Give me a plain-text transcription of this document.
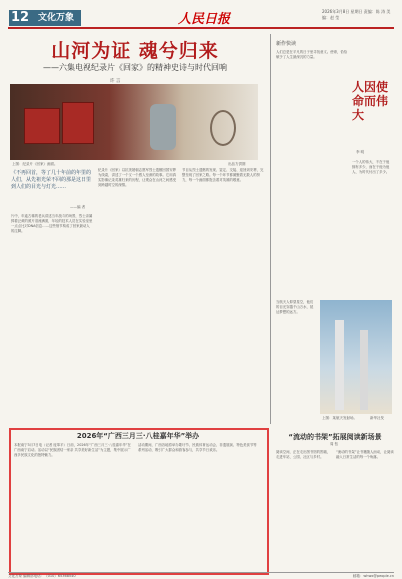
12 文化万象	人民日报
2026年3月8日 星期日 责编：陈 涛 美编：赵 莹
山河为证 魂兮归来
——六集电视纪录片《回家》的精神史诗与时代回响
许 言
上图：纪录片《回家》画面。	出品方供图
《不再回首，等了几十年前的年里的人们，从先祖光荣不回的那是这日里到人们的目光与灯光……
——编 者
纪录片《回家》以抗美援朝志愿军烈士遗骸回国安葬为线索，讲述了一个又一个感人至深的故事。它用真实影像记录英雄归来的历程，让观众在山河之间感受到跨越时空的深情。
节目从烈士遗骸的发现、鉴定、交接、迎回到安葬，完整呈现了回家之路。每一个环节都凝聚着无数人的努力，每一个画面都饱含着对英雄的敬意。
片中，年逾古稀的老兵讲述当年战斗的场景，烈士亲属捧着泛黄的照片泪流满面，年轻的技术人员在实验室里一点点比对DNA信息……这些细节构成了回家最动人的注脚。
新作快读
人因使命而伟大
李 明
人们总是在平凡的日子里寻找意义。使命，恰恰赋予了人生最深沉的力量。
一个人的伟大，不在于他拥有多少，而在于他为他人、为时代付出了多少。
当航天人仰望星空，他们的目光穿越千山万水，抵达梦想的远方。
上图：某航天发射场。	新华社发
2026年“广西三月三·八桂嘉年华”举办
本报南宁3月7日电（记者 庞革平）日前，2026年“广西三月三·八桂嘉年华”在广西南宁启动。活动以“民族团结一家亲 共享美好新生活”为主题，集中展示广西多民族文化的独特魅力。
活动期间，广西各地将举办歌圩节、民族体育运动会、非遗展演、特色美食节等系列活动，吸引广大群众和游客参与，共享节日欢乐。
“流动的书架”拓展阅读新场景
周 钰
阅读空间，正在走出图书馆的围墙，走进车站、公园、社区与乡村。
“流动的书架”让书籍随人而动，让阅读融入日常生活的每一个角落。
文化万象 编辑部电话：（010）65368540	邮箱：whwx@people.cn
